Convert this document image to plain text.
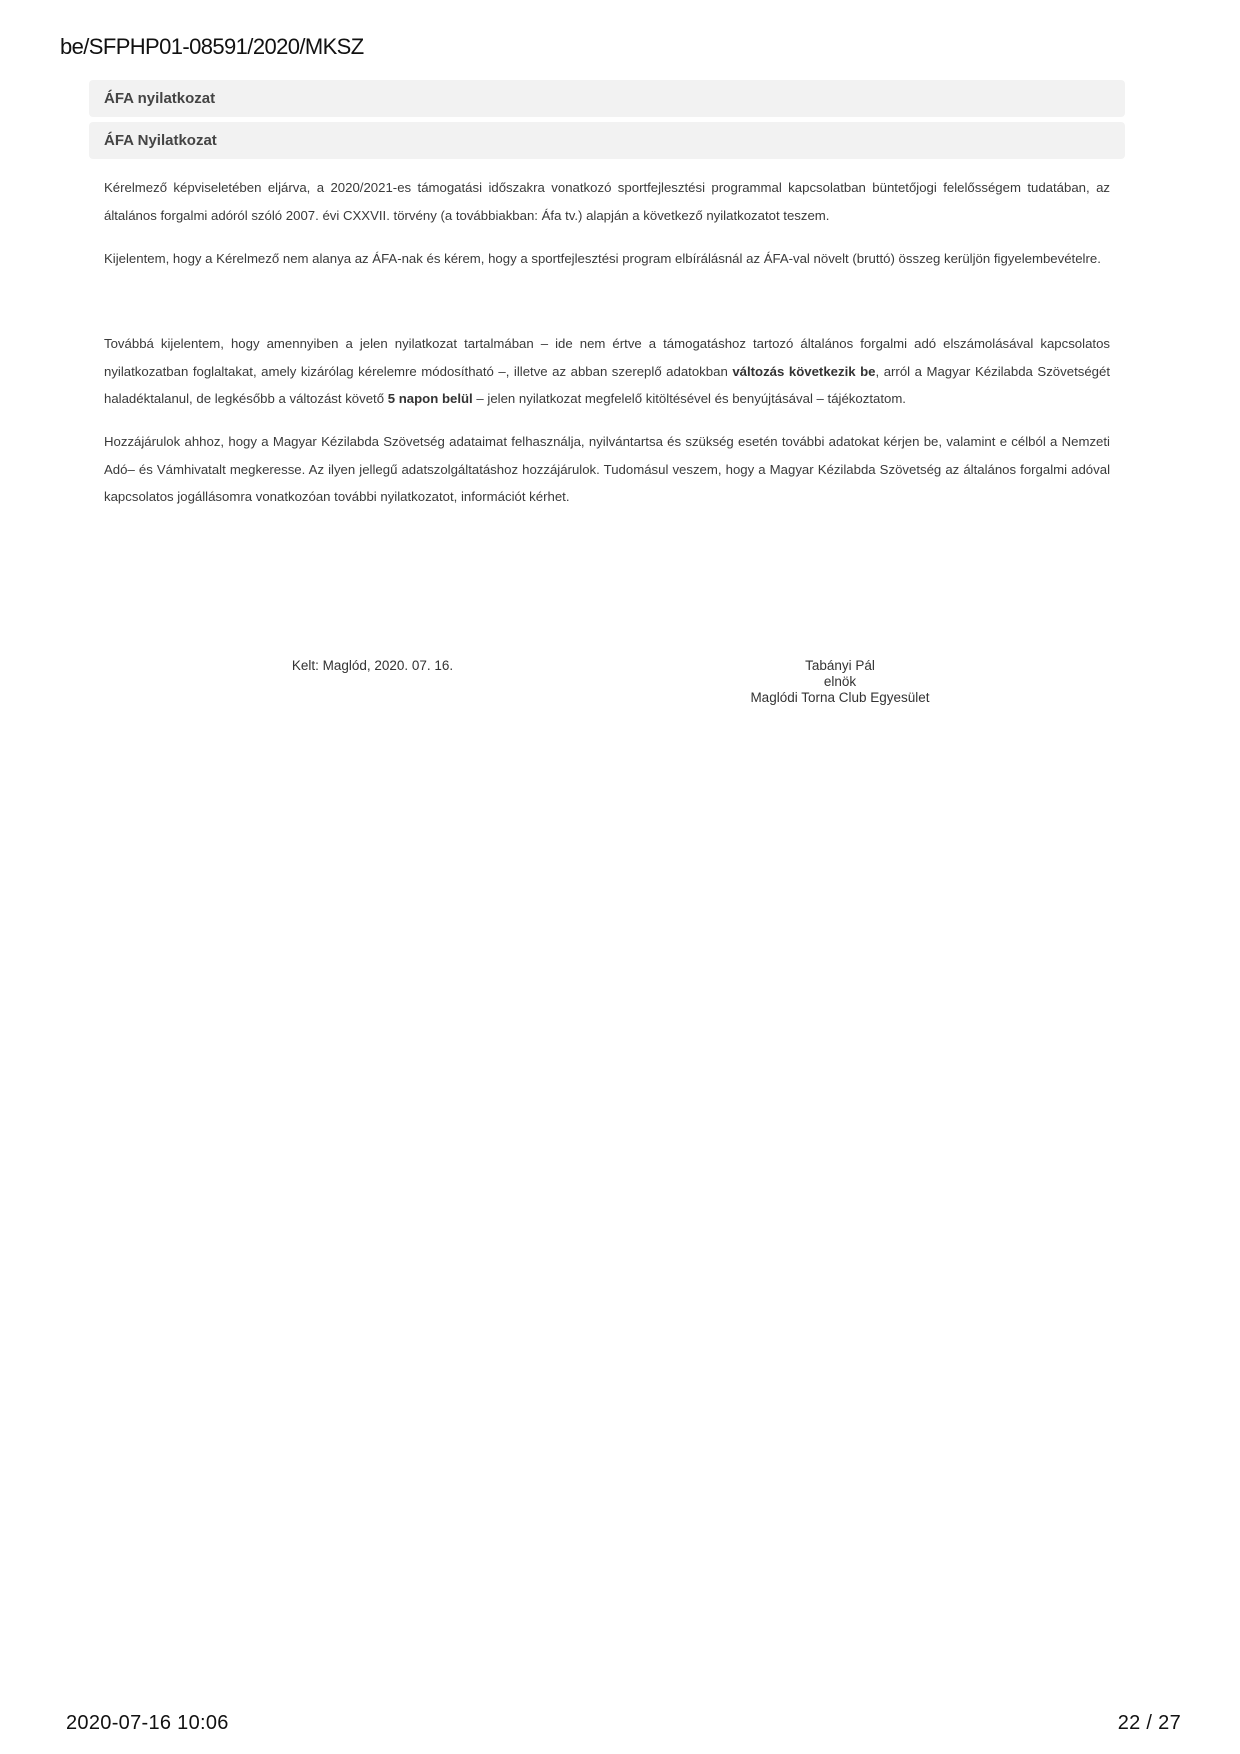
be/SFPHP01-08591/2020/MKSZ
ÁFA nyilatkozat
ÁFA Nyilatkozat

Kérelmező képviseletében eljárva, a 2020/2021-es támogatási időszakra vonatkozó sportfejlesztési programmal kapcsolatban büntetőjogi felelősségem tudatában, az általános forgalmi adóról szóló 2007. évi CXXVII. törvény (a továbbiakban: Áfa tv.) alapján a következő nyilatkozatot teszem.

Kijelentem, hogy a Kérelmező nem alanya az ÁFA-nak és kérem, hogy a sportfejlesztési program elbírálásnál az ÁFA-val növelt (bruttó) összeg kerüljön figyelembevételre.

Továbbá kijelentem, hogy amennyiben a jelen nyilatkozat tartalmában – ide nem értve a támogatáshoz tartozó általános forgalmi adó elszámolásával kapcsolatos nyilatkozatban foglaltakat, amely kizárólag kérelemre módosítható –, illetve az abban szereplő adatokban változás következik be, arról a Magyar Kézilabda Szövetségét haladéktalanul, de legkésőbb a változást követő 5 napon belül – jelen nyilatkozat megfelelő kitöltésével és benyújtásával – tájékoztatom.

Hozzájárulok ahhoz, hogy a Magyar Kézilabda Szövetség adataimat felhasználja, nyilvántartsa és szükség esetén további adatokat kérjen be, valamint e célból a Nemzeti Adó– és Vámhivatalt megkeresse. Az ilyen jellegű adatszolgáltatáshoz hozzájárulok. Tudomásul veszem, hogy a Magyar Kézilabda Szövetség az általános forgalmi adóval kapcsolatos jogállásomra vonatkozóan további nyilatkozatot, információt kérhet.

Kelt: Maglód, 2020. 07. 16.	Tabányi Pál
elnök
Maglódi Torna Club Egyesület
2020-07-16 10:06	22 / 27
